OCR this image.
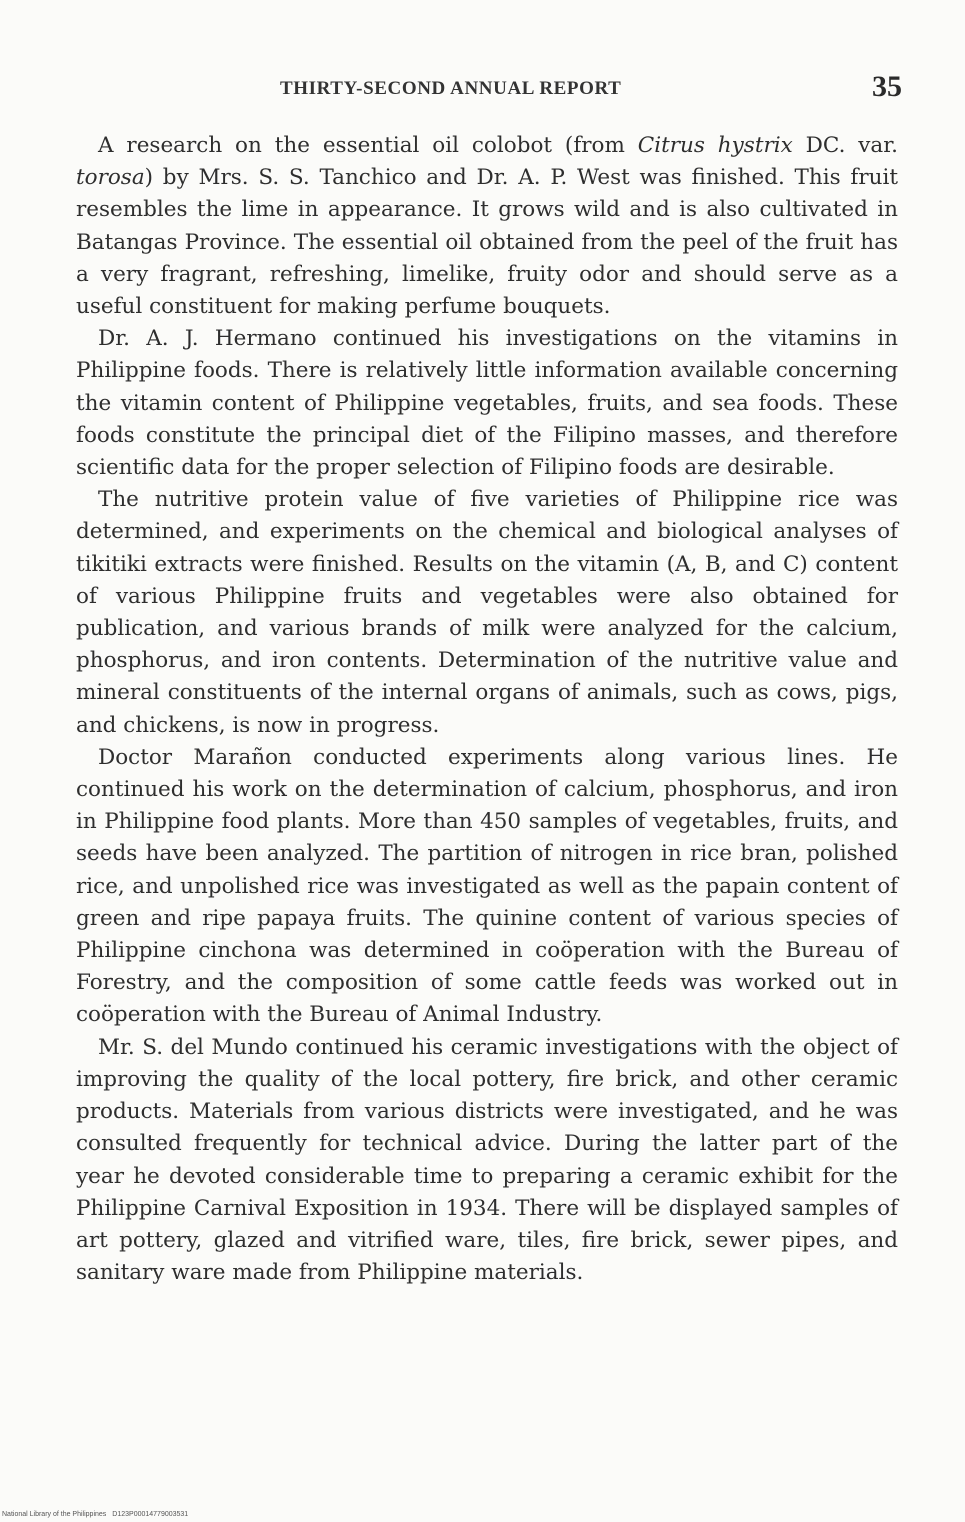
THIRTY-SECOND ANNUAL REPORT	35

A research on the essential oil colobot (from Citrus hystrix DC. var. torosa) by Mrs. S. S. Tanchico and Dr. A. P. West was finished. This fruit resembles the lime in appearance. It grows wild and is also cultivated in Batangas Province. The essential oil obtained from the peel of the fruit has a very fragrant, refreshing, limelike, fruity odor and should serve as a useful constituent for making perfume bouquets.

Dr. A. J. Hermano continued his investigations on the vitamins in Philippine foods. There is relatively little information available concerning the vitamin content of Philippine vegetables, fruits, and sea foods. These foods constitute the principal diet of the Filipino masses, and therefore scientific data for the proper selection of Filipino foods are desirable.

The nutritive protein value of five varieties of Philippine rice was determined, and experiments on the chemical and biological analyses of tikitiki extracts were finished. Results on the vitamin (A, B, and C) content of various Philippine fruits and vegetables were also obtained for publication, and various brands of milk were analyzed for the calcium, phosphorus, and iron contents. Determination of the nutritive value and mineral constituents of the internal organs of animals, such as cows, pigs, and chickens, is now in progress.

Doctor Marañon conducted experiments along various lines. He continued his work on the determination of calcium, phosphorus, and iron in Philippine food plants. More than 450 samples of vegetables, fruits, and seeds have been analyzed. The partition of nitrogen in rice bran, polished rice, and unpolished rice was investigated as well as the papain content of green and ripe papaya fruits. The quinine content of various species of Philippine cinchona was determined in coöperation with the Bureau of Forestry, and the composition of some cattle feeds was worked out in coöperation with the Bureau of Animal Industry.

Mr. S. del Mundo continued his ceramic investigations with the object of improving the quality of the local pottery, fire brick, and other ceramic products. Materials from various districts were investigated, and he was consulted frequently for technical advice. During the latter part of the year he devoted considerable time to preparing a ceramic exhibit for the Philippine Carnival Exposition in 1934. There will be displayed samples of art pottery, glazed and vitrified ware, tiles, fire brick, sewer pipes, and sanitary ware made from Philippine materials.

National Library of the Philippines D123P00014779003531
